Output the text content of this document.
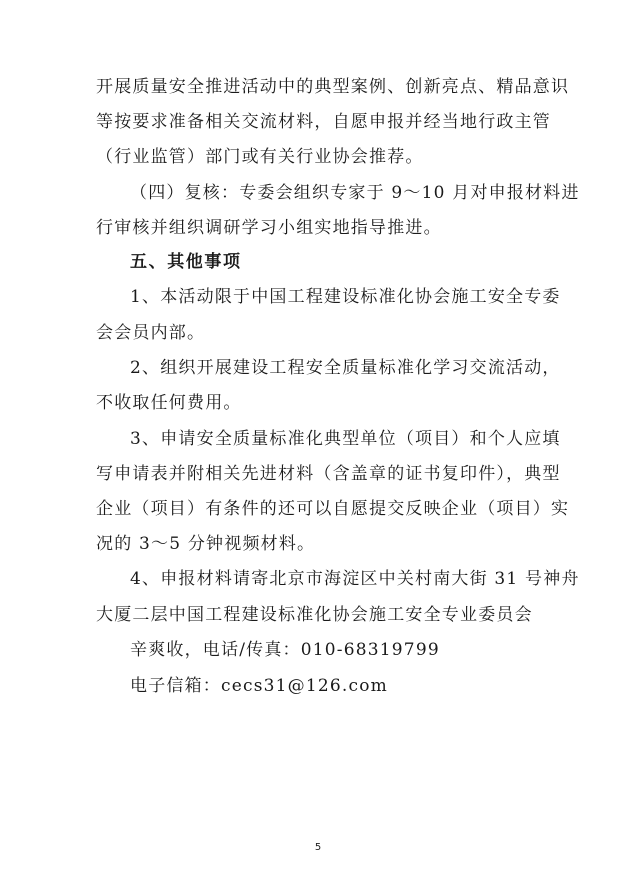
开展质量安全推进活动中的典型案例、创新亮点、精品意识
等按要求准备相关交流材料，自愿申报并经当地行政主管
（行业监管）部门或有关行业协会推荐。
（四）复核：专委会组织专家于 9～10 月对申报材料进
行审核并组织调研学习小组实地指导推进。
五、其他事项
1、本活动限于中国工程建设标准化协会施工安全专委
会会员内部。
2、组织开展建设工程安全质量标准化学习交流活动，
不收取任何费用。
3、申请安全质量标准化典型单位（项目）和个人应填
写申请表并附相关先进材料（含盖章的证书复印件），典型
企业（项目）有条件的还可以自愿提交反映企业（项目）实
况的 3～5 分钟视频材料。
4、申报材料请寄北京市海淀区中关村南大街 31 号神舟
大厦二层中国工程建设标准化协会施工安全专业委员会
辛爽收，电话/传真：010-68319799
电子信箱：cecs31@126.com
5
